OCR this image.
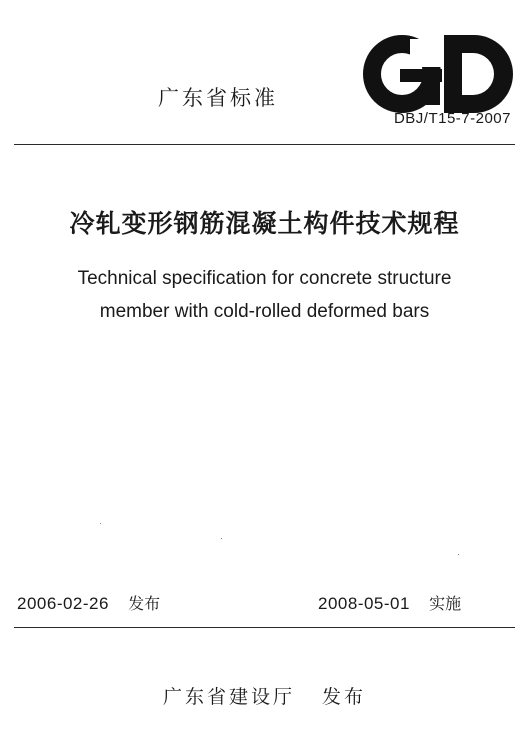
广东省标准
DBJ/T15-7-2007
冷轧变形钢筋混凝土构件技术规程
Technical specification for concrete structure
member with cold-rolled deformed bars
2006-02-26 发布	2008-05-01 实施
广东省建设厅 发布
